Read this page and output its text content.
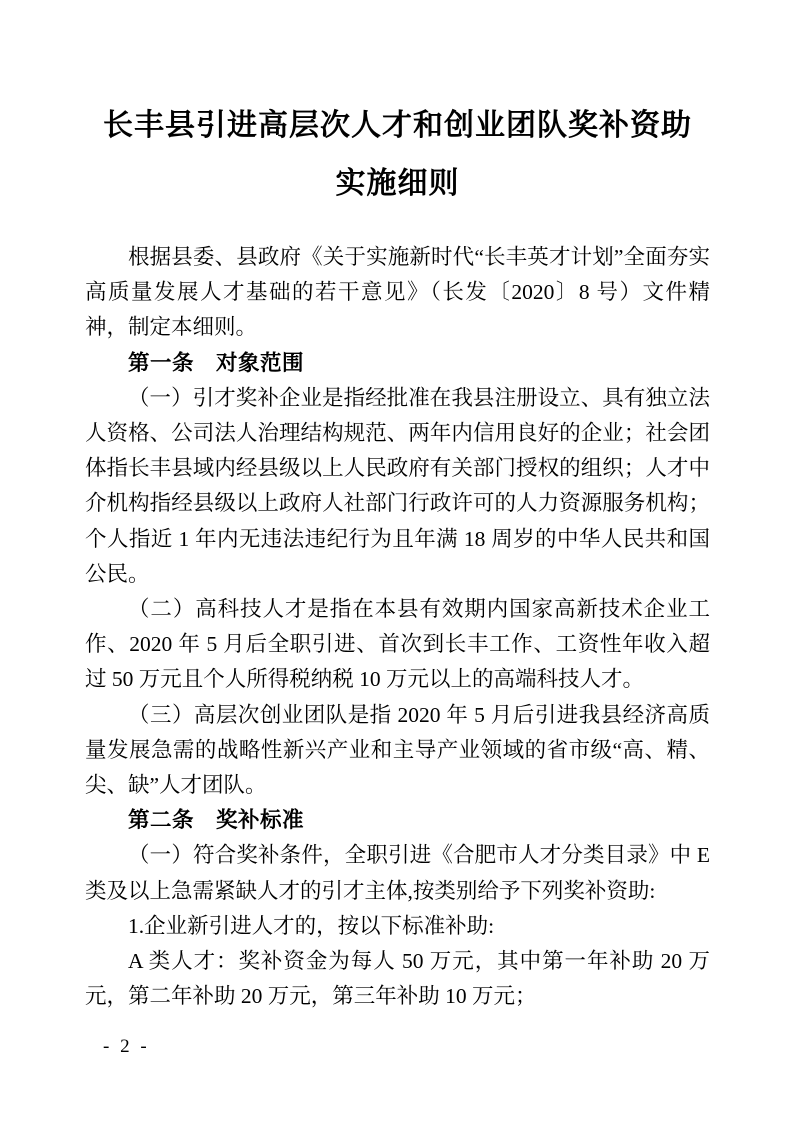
长丰县引进高层次人才和创业团队奖补资助
实施细则

根据县委、县政府《关于实施新时代“长丰英才计划”全面夯实高质量发展人才基础的若干意见》（长发〔2020〕8 号）文件精神，制定本细则。

第一条　对象范围

（一）引才奖补企业是指经批准在我县注册设立、具有独立法人资格、公司法人治理结构规范、两年内信用良好的企业；社会团体指长丰县域内经县级以上人民政府有关部门授权的组织；人才中介机构指经县级以上政府人社部门行政许可的人力资源服务机构；个人指近 1 年内无违法违纪行为且年满 18 周岁的中华人民共和国公民。

（二）高科技人才是指在本县有效期内国家高新技术企业工作、2020 年 5 月后全职引进、首次到长丰工作、工资性年收入超过 50 万元且个人所得税纳税 10 万元以上的高端科技人才。

（三）高层次创业团队是指 2020 年 5 月后引进我县经济高质量发展急需的战略性新兴产业和主导产业领域的省市级“高、精、尖、缺”人才团队。

第二条　奖补标准

（一）符合奖补条件，全职引进《合肥市人才分类目录》中 E 类及以上急需紧缺人才的引才主体,按类别给予下列奖补资助:

1.企业新引进人才的，按以下标准补助:

A 类人才：奖补资金为每人 50 万元，其中第一年补助 20 万元，第二年补助 20 万元，第三年补助 10 万元；

- 2 -
